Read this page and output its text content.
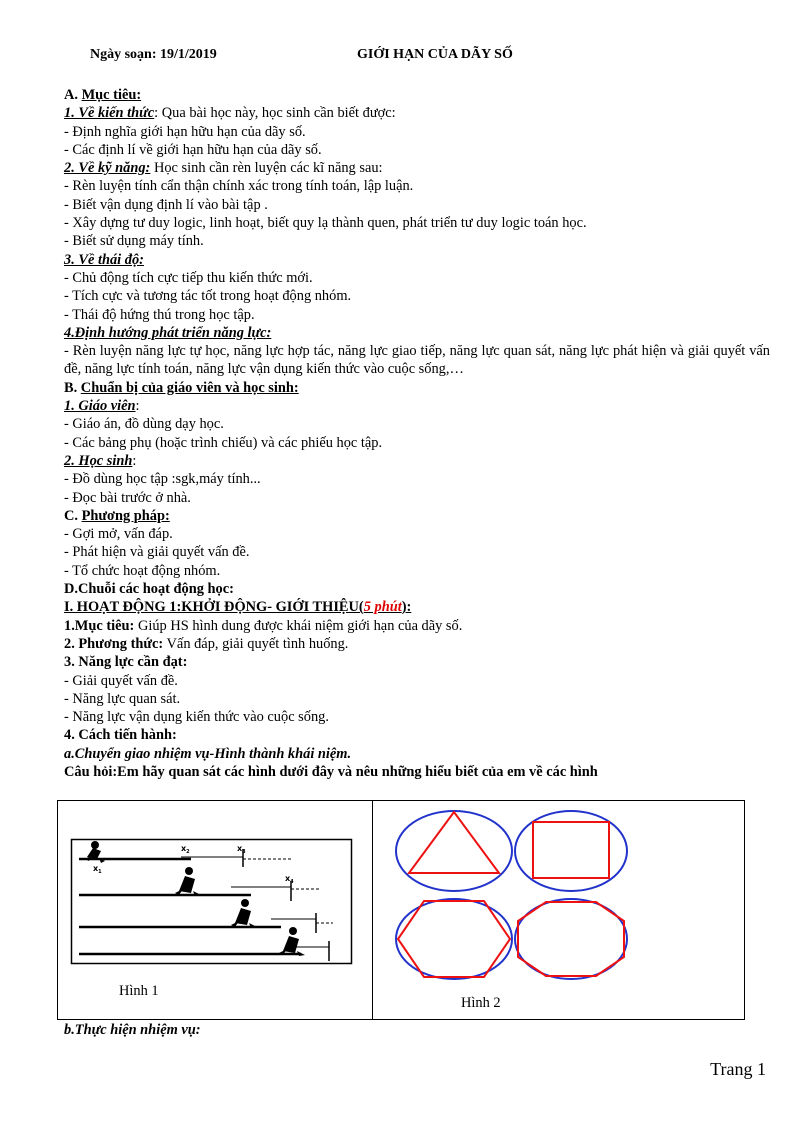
Ngày soạn: 19/1/2019	GIỚI HẠN CỦA DÃY SỐ
A. Mục tiêu:
1. Về kiến thức: Qua bài học này, học sinh cần biết được:
- Định nghĩa giới hạn hữu hạn của dãy số.
- Các định lí về giới hạn hữu hạn của dãy số.
2. Về kỹ năng: Học sinh cần rèn luyện các kĩ năng sau:
- Rèn luyện tính cẩn thận chính xác trong tính toán, lập luận.
- Biết vận dụng định lí vào bài tập .
- Xây dựng tư duy logic, linh hoạt, biết quy lạ thành quen, phát triển tư duy logic toán học.
- Biết sử dụng máy tính.
3. Về thái độ:
- Chủ động tích cực tiếp thu kiến thức mới.
- Tích cực và tương tác tốt trong hoạt động nhóm.
- Thái độ hứng thú trong học tập.
4.Định hướng phát triển năng lực:
- Rèn luyện năng lực tự học, năng lực hợp tác, năng lực giao tiếp, năng lực quan sát, năng lực phát hiện và giải quyết vấn đề, năng lực tính toán, năng lực vận dụng kiến thức vào cuộc sống,…
B. Chuẩn bị của giáo viên và học sinh:
1. Giáo viên:
- Giáo án, đồ dùng dạy học.
- Các bảng phụ (hoặc trình chiếu) và các phiếu học tập.
2. Học sinh:
- Đồ dùng học tập :sgk,máy tính...
- Đọc bài trước ở nhà.
C. Phương pháp:
- Gợi mở, vấn đáp.
- Phát hiện và giải quyết vấn đề.
- Tổ chức hoạt động nhóm.
D.Chuỗi các hoạt động học:
I. HOẠT ĐỘNG 1:KHỞI ĐỘNG- GIỚI THIỆU(5 phút):
1.Mục tiêu: Giúp HS hình dung được khái niệm giới hạn của dãy số.
2. Phương thức: Vấn đáp, giải quyết tình huống.
3. Năng lực cần đạt:
- Giải quyết vấn đề.
- Năng lực quan sát.
- Năng lực vận dụng kiến thức vào cuộc sống.
4. Cách tiến hành:
a.Chuyển giao nhiệm vụ-Hình thành khái niệm.
Câu hỏi:Em hãy quan sát các hình dưới đây và nêu những hiểu biết của em về các hình
$x_1$
$x_2$	$x_3$
$x_4$
Hình 1
Hình 2
b.Thực hiện nhiệm vụ:
Trang 1
